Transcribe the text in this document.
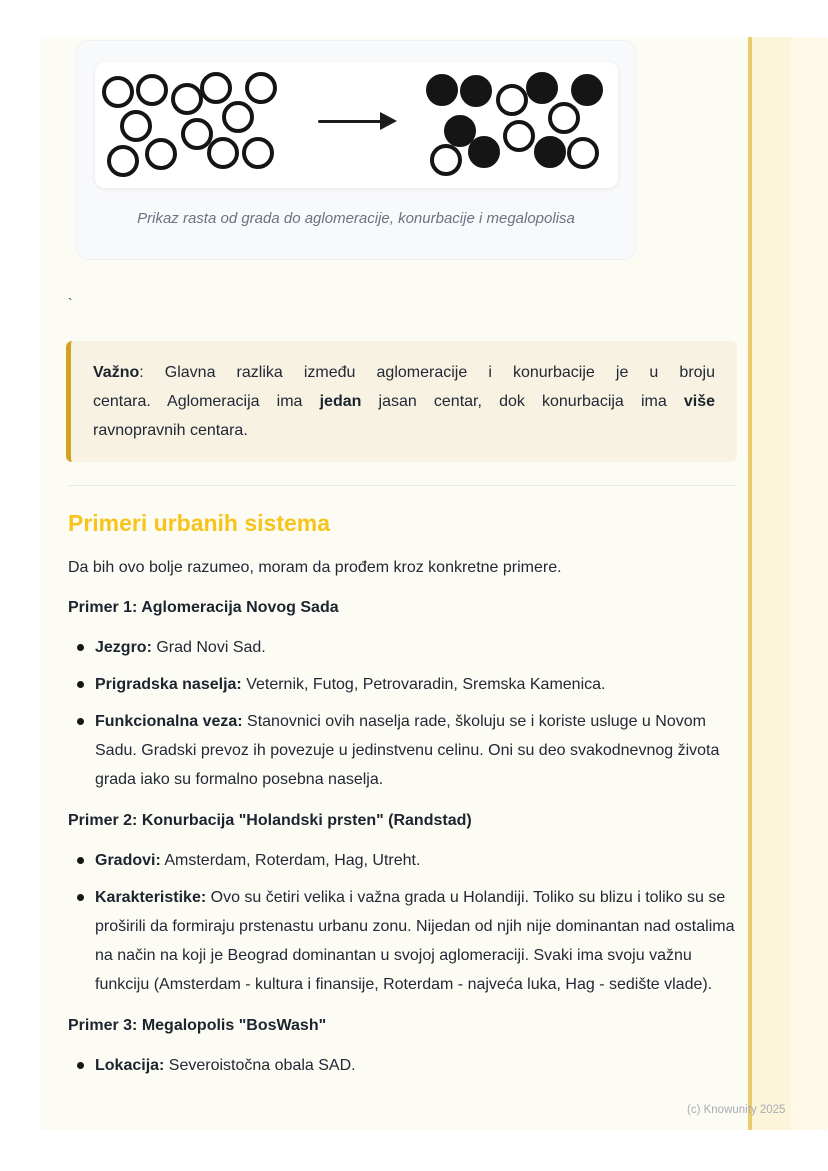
Prikaz rasta od grada do aglomeracije, konurbacije i megalopolisa
`
Važno: Glavna razlika između aglomeracije i konurbacije je u broju
centara. Aglomeracija ima jedan jasan centar, dok konurbacija ima više
ravnopravnih centara.
Primeri urbanih sistema

Da bih ovo bolje razumeo, moram da prođem kroz konkretne primere.

Primer 1: Aglomeracija Novog Sada

Jezgro: Grad Novi Sad.
Prigradska naselja: Veternik, Futog, Petrovaradin, Sremska Kamenica.
Funkcionalna veza: Stanovnici ovih naselja rade, školuju se i koriste usluge u Novom Sadu. Gradski prevoz ih povezuje u jedinstvenu celinu. Oni su deo svakodnevnog života grada iako su formalno posebna naselja.

Primer 2: Konurbacija "Holandski prsten" (Randstad)

Gradovi: Amsterdam, Roterdam, Hag, Utreht.
Karakteristike: Ovo su četiri velika i važna grada u Holandiji. Toliko su blizu i toliko su se proširili da formiraju prstenastu urbanu zonu. Nijedan od njih nije dominantan nad ostalima na način na koji je Beograd dominantan u svojoj aglomeraciji. Svaki ima svoju važnu funkciju (Amsterdam - kultura i finansije, Roterdam - najveća luka, Hag - sedište vlade).

Primer 3: Megalopolis "BosWash"

Lokacija: Severoistočna obala SAD.
(c) Knowunity 2025
